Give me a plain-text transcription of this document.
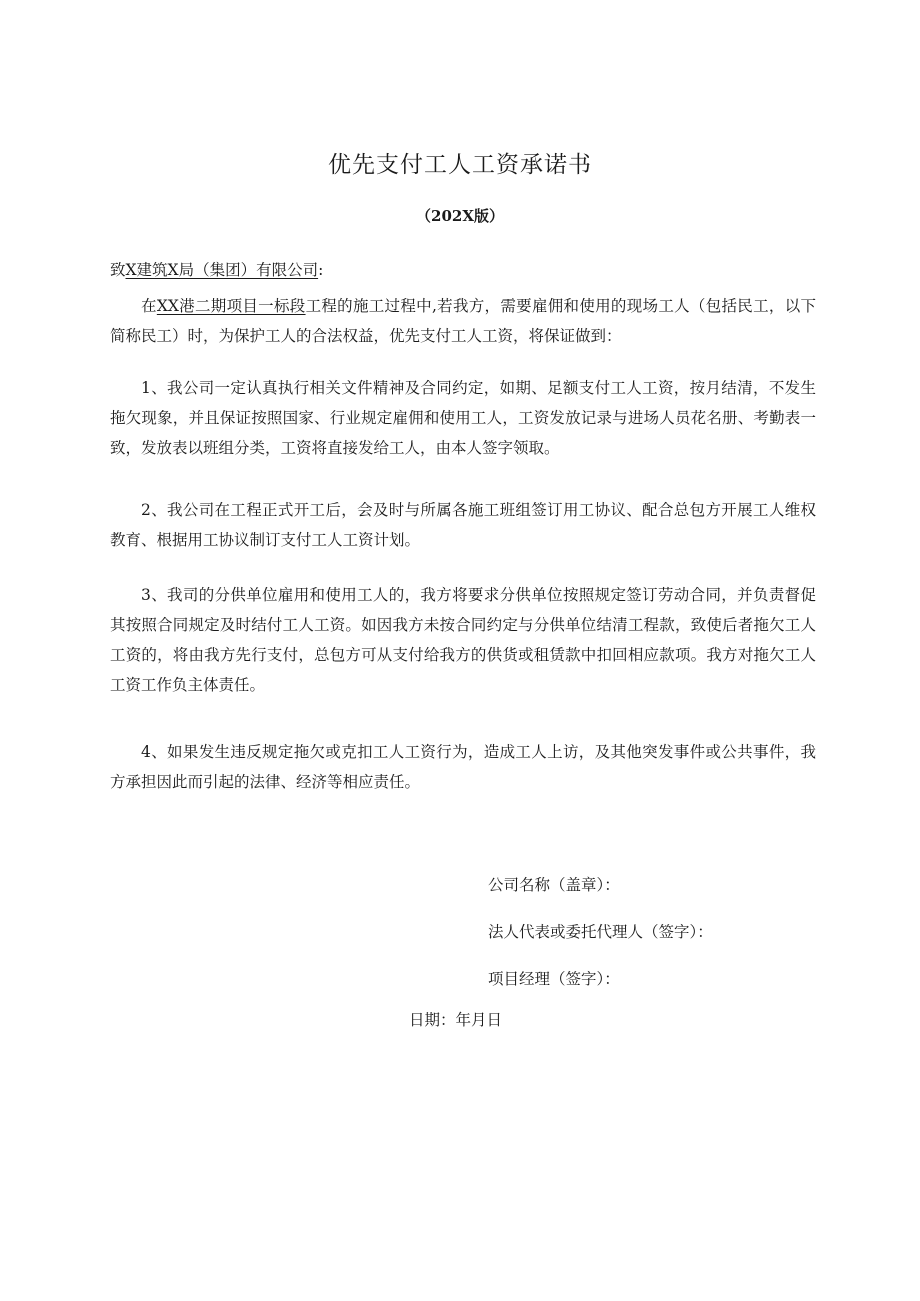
优先支付工人工资承诺书
（202X版）
致X建筑X局（集团）有限公司:

在XX港二期项目一标段工程的施工过程中,若我方，需要雇佣和使用的现场工人（包括民工，以下简称民工）时，为保护工人的合法权益，优先支付工人工资，将保证做到：

1、我公司一定认真执行相关文件精神及合同约定，如期、足额支付工人工资，按月结清，不发生拖欠现象，并且保证按照国家、行业规定雇佣和使用工人，工资发放记录与进场人员花名册、考勤表一致，发放表以班组分类，工资将直接发给工人，由本人签字领取。

2、我公司在工程正式开工后，会及时与所属各施工班组签订用工协议、配合总包方开展工人维权教育、根据用工协议制订支付工人工资计划。

3、我司的分供单位雇用和使用工人的，我方将要求分供单位按照规定签订劳动合同，并负责督促其按照合同规定及时结付工人工资。如因我方未按合同约定与分供单位结清工程款，致使后者拖欠工人工资的，将由我方先行支付，总包方可从支付给我方的供货或租赁款中扣回相应款项。我方对拖欠工人工资工作负主体责任。

4、如果发生违反规定拖欠或克扣工人工资行为，造成工人上访，及其他突发事件或公共事件，我方承担因此而引起的法律、经济等相应责任。

公司名称（盖章）：
法人代表或委托代理人（签字）：
项目经理（签字）：
日期：年月日
